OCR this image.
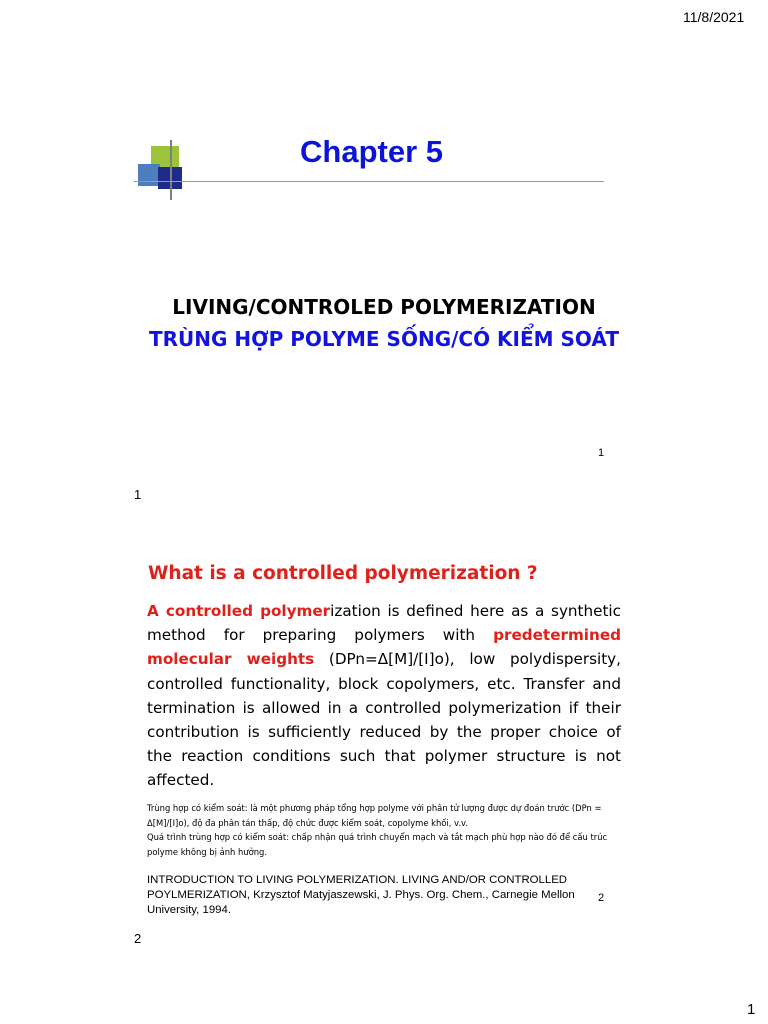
11/8/2021
Chapter 5
LIVING/CONTROLED POLYMERIZATION
TRÙNG HỢP POLYME SỐNG/CÓ KIỂM SOÁT
1
1
What is a controlled polymerization ?
A controlled polymerization is defined here as a synthetic method for preparing polymers with predetermined molecular weights (DPn=Δ[M]/[I]o), low polydispersity, controlled functionality, block copolymers, etc. Transfer and termination is allowed in a controlled polymerization if their contribution is sufficiently reduced by the proper choice of the reaction conditions such that polymer structure is not affected.
Trùng hợp có kiểm soát: là một phương pháp tổng hợp polyme với phân tử lượng được dự đoán trước (DPn = Δ[M]/[I]o), độ đa phân tán thấp, độ chức được kiểm soát, copolyme khối, v.v.
Quá trình trùng hợp có kiểm soát: chấp nhận quá trình chuyển mạch và tắt mạch phù hợp nào đó để cấu trúc polyme không bị ảnh hưởng.
INTRODUCTION TO LIVING POLYMERIZATION. LIVING AND/OR CONTROLLED POYLMERIZATION, Krzysztof Matyjaszewski, J. Phys. Org. Chem., Carnegie Mellon University, 1994.
2
2
1
